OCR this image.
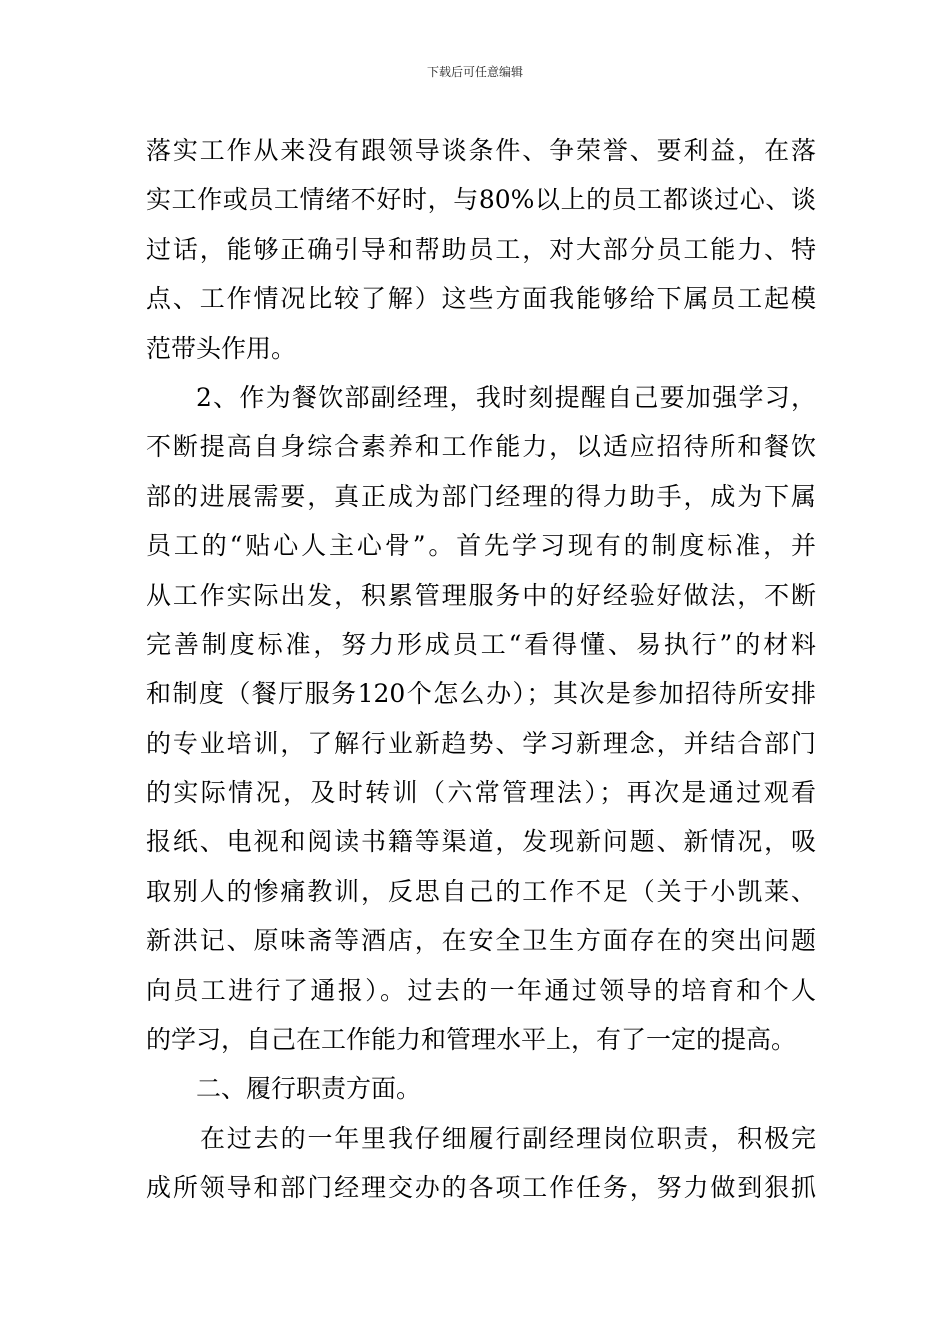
下载后可任意编辑
落实工作从来没有跟领导谈条件、争荣誉、要利益，在落
实工作或员工情绪不好时，与80%以上的员工都谈过心、谈
过话，能够正确引导和帮助员工，对大部分员工能力、特
点、工作情况比较了解）这些方面我能够给下属员工起模
范带头作用。
2、作为餐饮部副经理，我时刻提醒自己要加强学习，
不断提高自身综合素养和工作能力，以适应招待所和餐饮
部的进展需要，真正成为部门经理的得力助手，成为下属
员工的“贴心人主心骨”。首先学习现有的制度标准，并
从工作实际出发，积累管理服务中的好经验好做法，不断
完善制度标准，努力形成员工“看得懂、易执行”的材料
和制度（餐厅服务120个怎么办）；其次是参加招待所安排
的专业培训，了解行业新趋势、学习新理念，并结合部门
的实际情况，及时转训（六常管理法）；再次是通过观看
报纸、电视和阅读书籍等渠道，发现新问题、新情况，吸
取别人的惨痛教训，反思自己的工作不足（关于小凯莱、
新洪记、原味斋等酒店，在安全卫生方面存在的突出问题
向员工进行了通报）。过去的一年通过领导的培育和个人
的学习，自己在工作能力和管理水平上，有了一定的提高。
二、履行职责方面。
在过去的一年里我仔细履行副经理岗位职责，积极完
成所领导和部门经理交办的各项工作任务，努力做到狠抓
